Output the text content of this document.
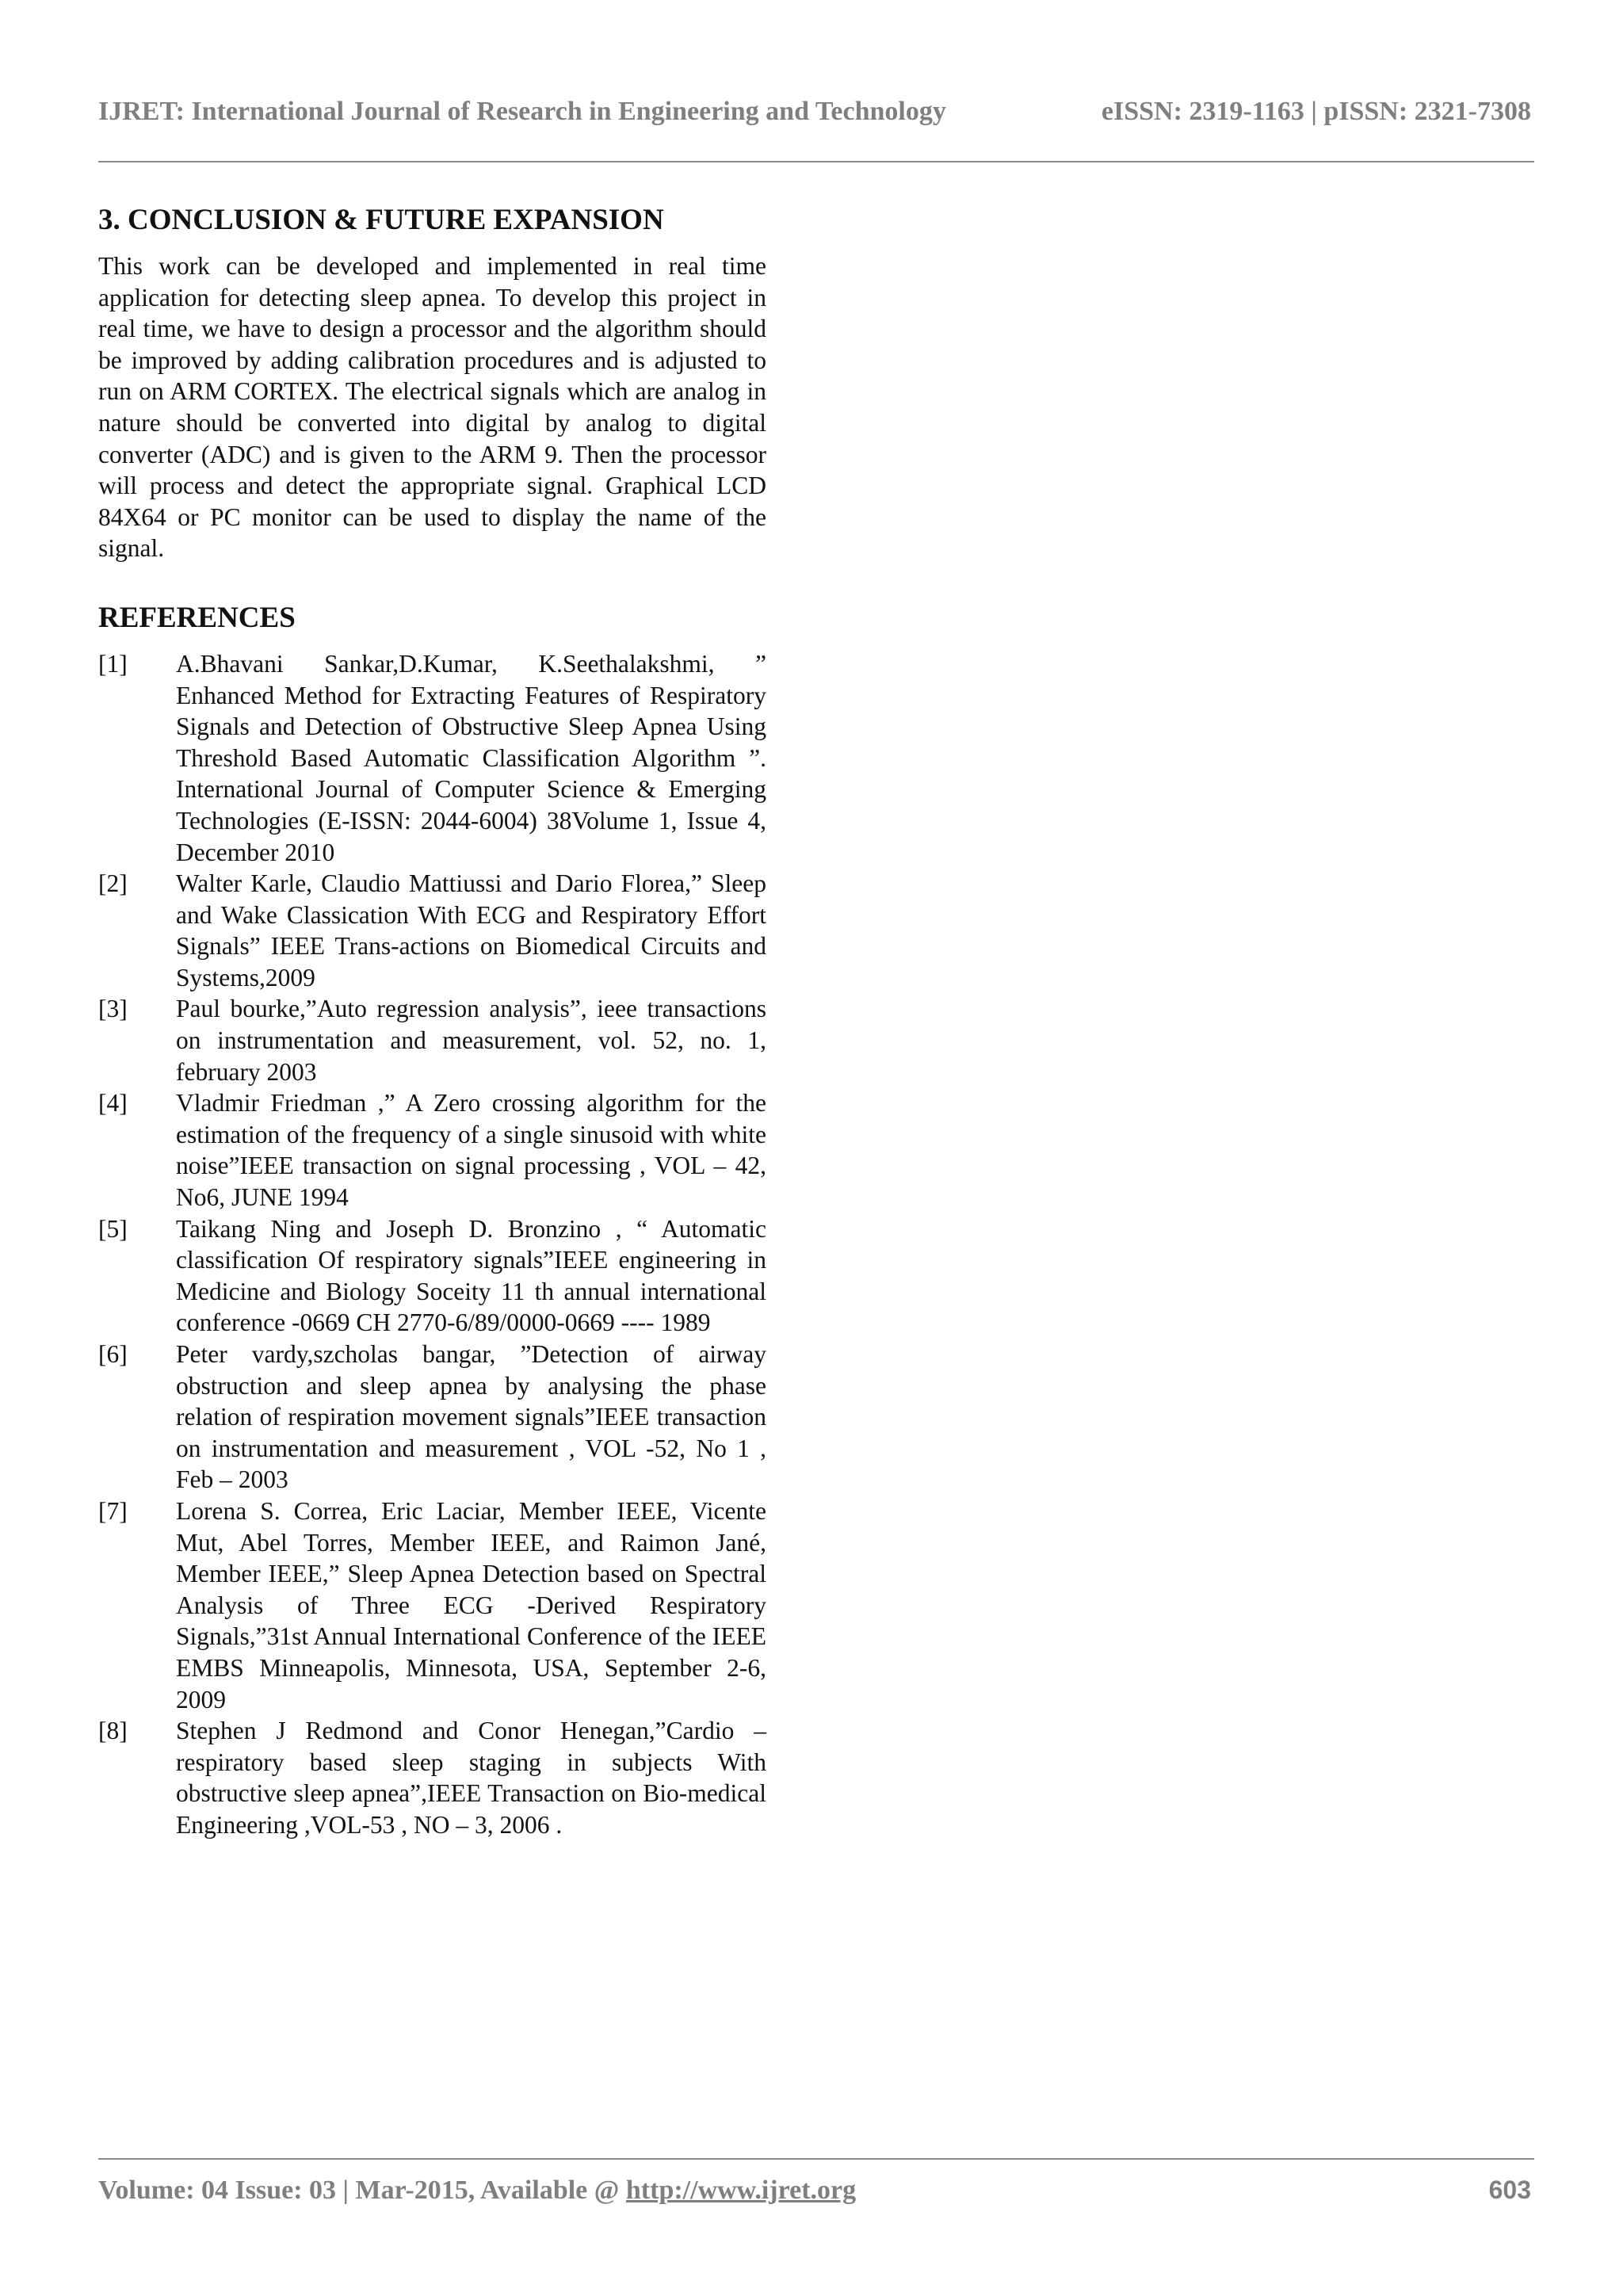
IJRET: International Journal of Research in Engineering and Technology	eISSN: 2319-1163 | pISSN: 2321-7308
3. CONCLUSION & FUTURE EXPANSION

This work can be developed and implemented in real time application for detecting sleep apnea. To develop this project in real time, we have to design a processor and the algorithm should be improved by adding calibration procedures and is adjusted to run on ARM CORTEX. The electrical signals which are analog in nature should be converted into digital by analog to digital converter (ADC) and is given to the ARM 9. Then the processor will process and detect the appropriate signal. Graphical LCD 84X64 or PC monitor can be used to display the name of the signal.

REFERENCES
[1]	A.Bhavani Sankar,D.Kumar, K.Seethalakshmi, ” Enhanced Method for Extracting Features of Respiratory Signals and Detection of Obstructive Sleep Apnea Using Threshold Based Automatic Classification Algorithm ”. International Journal of Computer Science & Emerging Technologies (E-ISSN: 2044-6004) 38Volume 1, Issue 4, December 2010
[2]	Walter Karle, Claudio Mattiussi and Dario Florea,” Sleep and Wake Classication With ECG and Respiratory Effort Signals” IEEE Trans-actions on Biomedical Circuits and Systems,2009
[3]	Paul bourke,”Auto regression analysis”, ieee transactions on instrumentation and measurement, vol. 52, no. 1, february 2003
[4]	Vladmir Friedman ,” A Zero crossing algorithm for the estimation of the frequency of a single sinusoid with white noise”IEEE transaction on signal processing , VOL – 42, No6, JUNE 1994
[5]	Taikang Ning and Joseph D. Bronzino , “ Automatic classification Of respiratory signals”IEEE engineering in Medicine and Biology Soceity 11 th annual international conference -0669 CH 2770-6/89/0000-0669 ---- 1989
[6]	Peter vardy,szcholas bangar, ”Detection of airway obstruction and sleep apnea by analysing the phase relation of respiration movement signals”IEEE transaction on instrumentation and measurement , VOL -52, No 1 , Feb – 2003
[7]	Lorena S. Correa, Eric Laciar, Member IEEE, Vicente Mut, Abel Torres, Member IEEE, and Raimon Jané, Member IEEE,” Sleep Apnea Detection based on Spectral Analysis of Three ECG -Derived Respiratory Signals,”31st Annual International Conference of the IEEE EMBS Minneapolis, Minnesota, USA, September 2-6, 2009
[8]	Stephen J Redmond and Conor Henegan,”Cardio – respiratory based sleep staging in subjects With obstructive sleep apnea”,IEEE Transaction on Bio-medical Engineering ,VOL-53 , NO – 3, 2006 .
Volume: 04 Issue: 03 | Mar-2015, Available @ http://www.ijret.org	603
